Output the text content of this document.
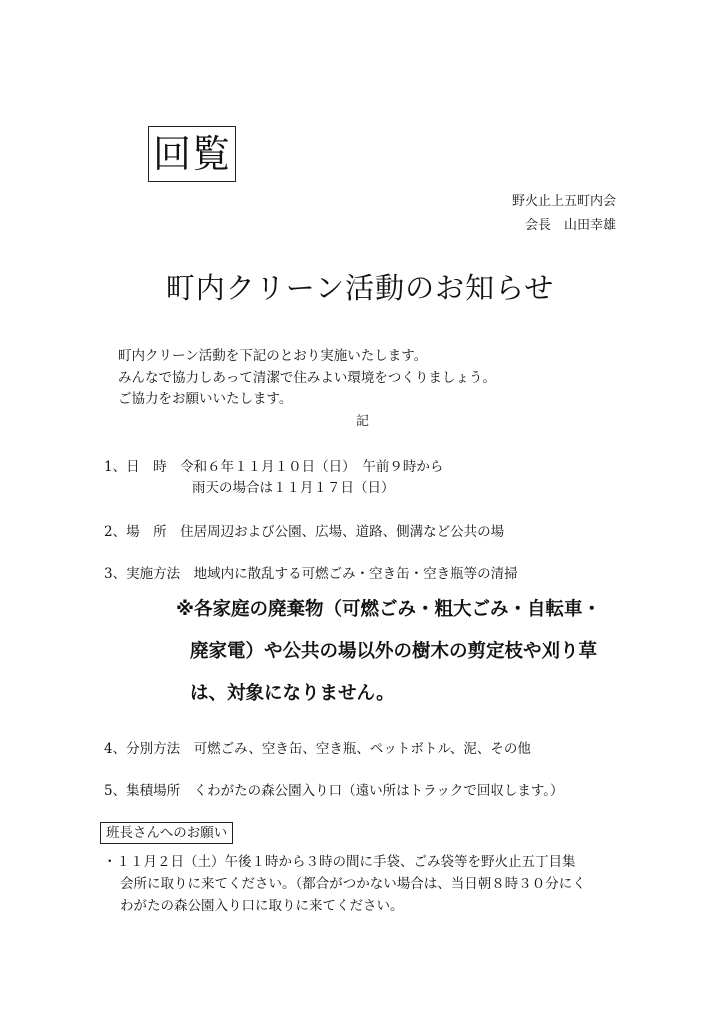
回覧
野火止上五町内会
会長　山田幸雄
町内クリーン活動のお知らせ
町内クリーン活動を下記のとおり実施いたします。
みんなで協力しあって清潔で住みよい環境をつくりましょう。
ご協力をお願いいたします。
記
1、日　時　令和６年１１月１０日（日）　午前９時から
雨天の場合は１１月１７日（日）
2、場　所　住居周辺および公園、広場、道路、側溝など公共の場
3、実施方法　地域内に散乱する可燃ごみ・空き缶・空き瓶等の清掃
※各家庭の廃棄物（可燃ごみ・粗大ごみ・自転車・
廃家電）や公共の場以外の樹木の剪定枝や刈り草
は、対象になりません。
4、分別方法　可燃ごみ、空き缶、空き瓶、ペットボトル、泥、その他
5、集積場所　くわがたの森公園入り口（遠い所はトラックで回収します。）
班長さんへのお願い
・１１月２日（土）午後１時から３時の間に手袋、ごみ袋等を野火止五丁目集
会所に取りに来てください。（都合がつかない場合は、当日朝８時３０分にく
わがたの森公園入り口に取りに来てください。
